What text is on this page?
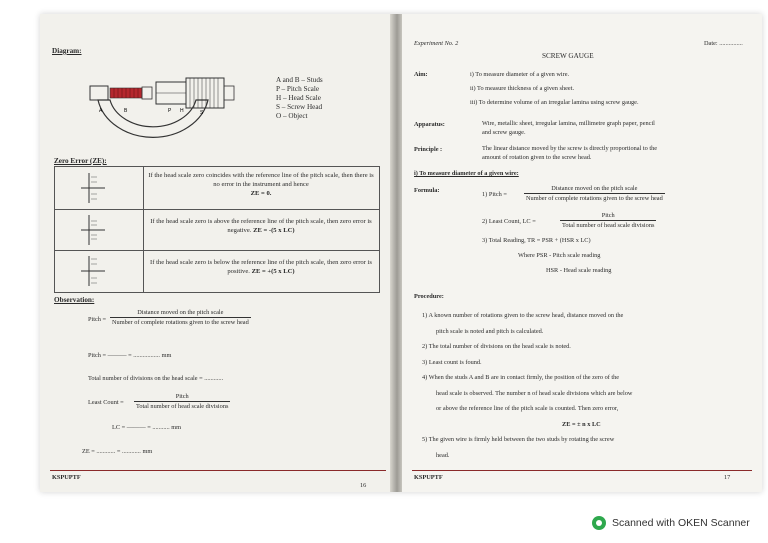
Diagram:
A	B	P H	S
A and B – Studs
P – Pitch Scale
H – Head Scale
S – Screw Head
O – Object
Zero Error (ZE):
If the head scale zero coincides with the reference line of the pitch scale, then there is no error in the instrument and hence
ZE = 0.
If the head scale zero is above the reference line of the pitch scale, then zero error is negative. ZE = -(5 x LC)
If the head scale zero is below the reference line of the pitch scale, then zero error is positive. ZE = +(5 x LC)
Observation:
Pitch =
Distance moved on the pitch scale
Number of complete rotations given to the screw head
Pitch = ——— = ................. mm
Total number of divisions on the head scale = ............
Least Count =
Pitch
Total number of head scale divisions
LC = ——— = ........... mm
ZE = ............ = ............ mm
KSPUPTF
16
Experiment No. 2	Date: ...............
SCREW GAUGE
Aim:	i) To measure diameter of a given wire.
ii) To measure thickness of a given sheet.
iii) To determine volume of an irregular lamina using screw gauge.
Apparatus:	Wire, metallic sheet, irregular lamina, millimetre graph paper, pencil
and screw gauge.
Principle :	The linear distance moved by the screw is directly proportional to the
amount of rotation given to the screw head.
i) To measure diameter of a given wire:
Formula:
1) Pitch =
Distance moved on the pitch scale
Number of complete rotations given to the screw head
2) Least Count, LC =
Pitch
Total number of head scale divisions
3) Total Reading, TR = PSR + (HSR x LC)
Where PSR - Pitch scale reading
HSR - Head scale reading
Procedure:
1) A known number of rotations given to the screw head, distance moved on the
pitch scale is noted and pitch is calculated.
2) The total number of divisions on the head scale is noted.
3) Least count is found.
4) When the studs A and B are in contact firmly, the position of the zero of the
head scale is observed. The number n of head scale divisions which are below
or above the reference line of the pitch scale is counted. Then zero error,
ZE = ± n x LC
5) The given wire is firmly held between the two studs by rotating the screw
head.
KSPUPTF	17
Scanned with OKEN Scanner
